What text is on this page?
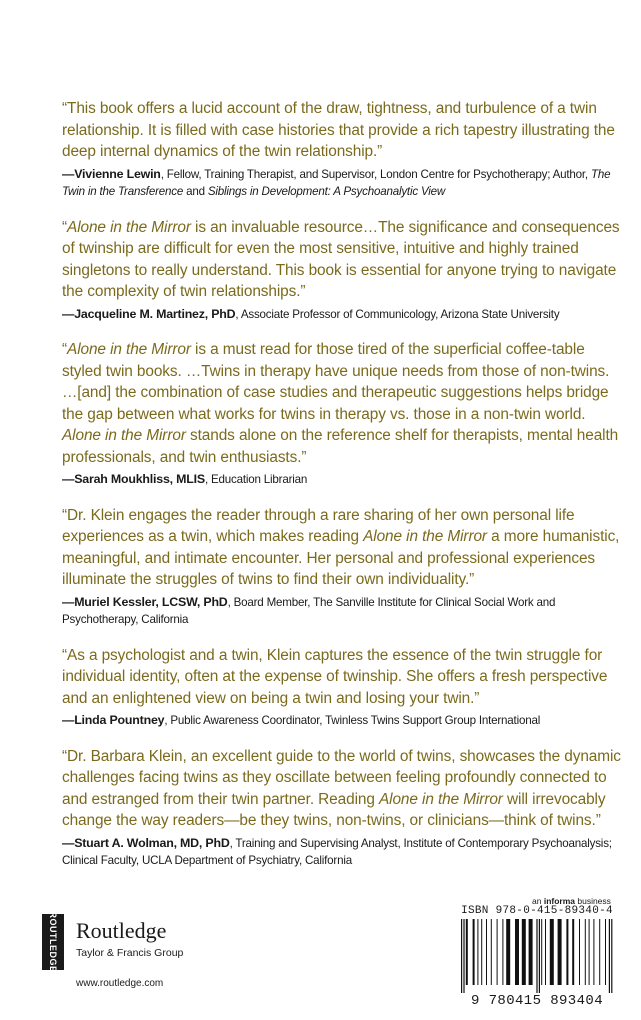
“This book offers a lucid account of the draw, tightness, and turbulence of a twin relationship. It is filled with case histories that provide a rich tapestry illustrating the deep internal dynamics of the twin relationship.”

—Vivienne Lewin, Fellow, Training Therapist, and Supervisor, London Centre for Psychotherapy; Author, The Twin in the Transference and Siblings in Development: A Psychoanalytic View

“Alone in the Mirror is an invaluable resource…The significance and consequences of twinship are difficult for even the most sensitive, intuitive and highly trained singletons to really understand. This book is essential for anyone trying to navigate the complexity of twin relationships.”

—Jacqueline M. Martinez, PhD, Associate Professor of Communicology, Arizona State University

“Alone in the Mirror is a must read for those tired of the superficial coffee-table styled twin books. …Twins in therapy have unique needs from those of non-twins. …[and] the combination of case studies and therapeutic suggestions helps bridge the gap between what works for twins in therapy vs. those in a non-twin world. Alone in the Mirror stands alone on the reference shelf for therapists, mental health professionals, and twin enthusiasts.”

—Sarah Moukhliss, MLIS, Education Librarian

“Dr. Klein engages the reader through a rare sharing of her own personal life experiences as a twin, which makes reading Alone in the Mirror a more humanistic, meaningful, and intimate encounter. Her personal and professional experiences illuminate the struggles of twins to find their own individuality.”

—Muriel Kessler, LCSW, PhD, Board Member, The Sanville Institute for Clinical Social Work and Psychotherapy, California

“As a psychologist and a twin, Klein captures the essence of the twin struggle for individual identity, often at the expense of twinship. She offers a fresh perspective and an enlightened view on being a twin and losing your twin.”

—Linda Pountney, Public Awareness Coordinator, Twinless Twins Support Group International

“Dr. Barbara Klein, an excellent guide to the world of twins, showcases the dynamic challenges facing twins as they oscillate between feeling profoundly connected to and estranged from their twin partner. Reading Alone in the Mirror will irrevocably change the way readers—be they twins, non-twins, or clinicians—think of twins.”

—Stuart A. Wolman, MD, PhD, Training and Supervising Analyst, Institute of Contemporary Psychoanalysis; Clinical Faculty, UCLA Department of Psychiatry, California

ROUTLEDGE Routledge
Taylor & Francis Group
www.routledge.com
an informa business
ISBN 978-0-415-89340-4
9 780415 893404
